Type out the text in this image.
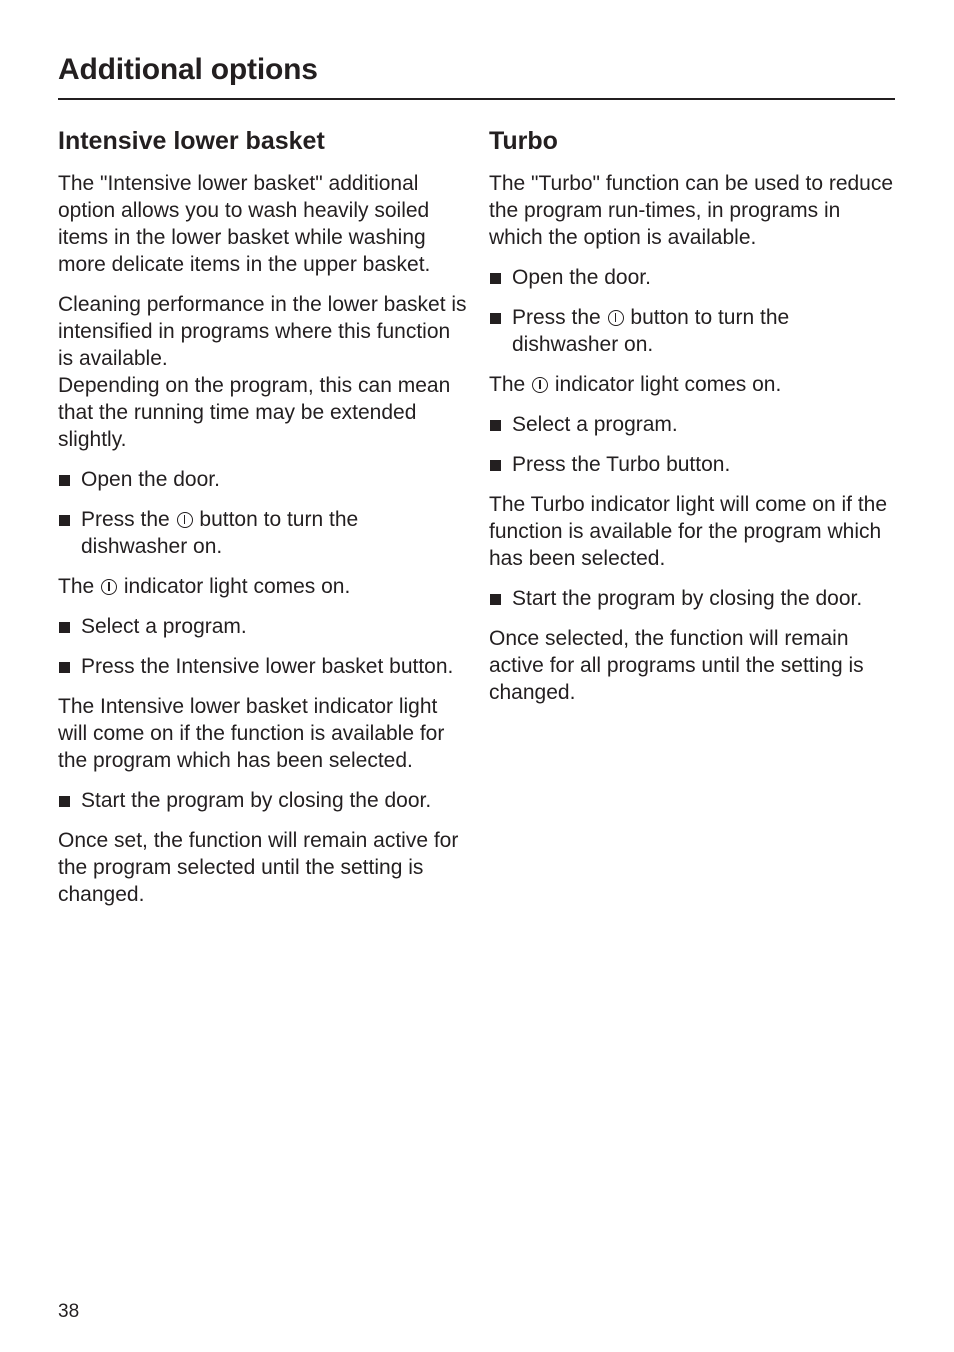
Additional options
Intensive lower basket

The "Intensive lower basket" additional option allows you to wash heavily soiled items in the lower basket while washing more delicate items in the upper basket.

Cleaning performance in the lower basket is intensified in programs where this function is available.

Depending on the program, this can mean that the running time may be extended slightly.

Open the door.
Press the button to turn the dishwasher on.

The indicator light comes on.

Select a program.
Press the Intensive lower basket button.

The Intensive lower basket indicator light will come on if the function is available for the program which has been selected.

Start the program by closing the door.

Once set, the function will remain active for the program selected until the setting is changed.

Turbo

The "Turbo" function can be used to reduce the program run-times, in programs in which the option is available.

Open the door.
Press the button to turn the dishwasher on.

The indicator light comes on.

Select a program.
Press the Turbo button.

The Turbo indicator light will come on if the function is available for the program which has been selected.

Start the program by closing the door.

Once selected, the function will remain active for all programs until the setting is changed.

38
